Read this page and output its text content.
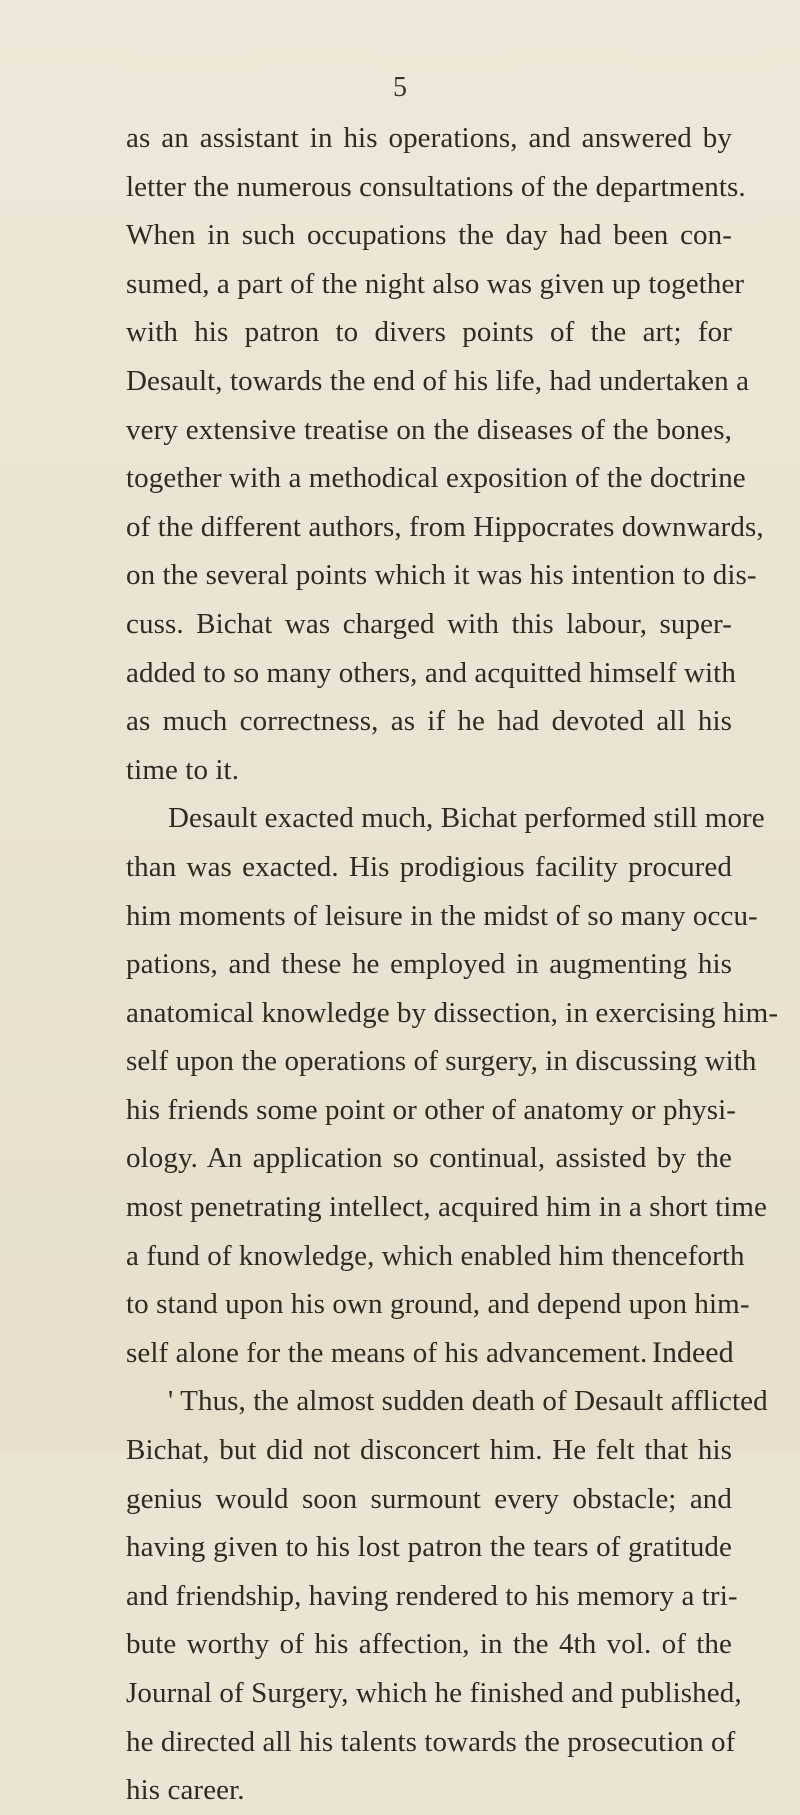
5
as an assistant in his operations, and answered by
letter the numerous consultations of the departments.
When in such occupations the day had been con-
sumed, a part of the night also was given up together
with his patron to divers points of the art; for
Desault, towards the end of his life, had undertaken a
very extensive treatise on the diseases of the bones,
together with a methodical exposition of the doctrine
of the different authors, from Hippocrates downwards,
on the several points which it was his intention to dis-
cuss. Bichat was charged with this labour, super-
added to so many others, and acquitted himself with
as much correctness, as if he had devoted all his
time to it.
Desault exacted much, Bichat performed still more
than was exacted. His prodigious facility procured
him moments of leisure in the midst of so many occu-
pations, and these he employed in augmenting his
anatomical knowledge by dissection, in exercising him-
self upon the operations of surgery, in discussing with
his friends some point or other of anatomy or physi-
ology. An application so continual, assisted by the
most penetrating intellect, acquired him in a short time
a fund of knowledge, which enabled him thenceforth
to stand upon his own ground, and depend upon him-
self alone for the means of his advancement.
' Thus, the almost sudden death of Desault afflicted
Bichat, but did not disconcert him. He felt that his
genius would soon surmount every obstacle; and
having given to his lost patron the tears of gratitude
and friendship, having rendered to his memory a tri-
bute worthy of his affection, in the 4th vol. of the
Journal of Surgery, which he finished and published,
he directed all his talents towards the prosecution of
his career.
Indeed
